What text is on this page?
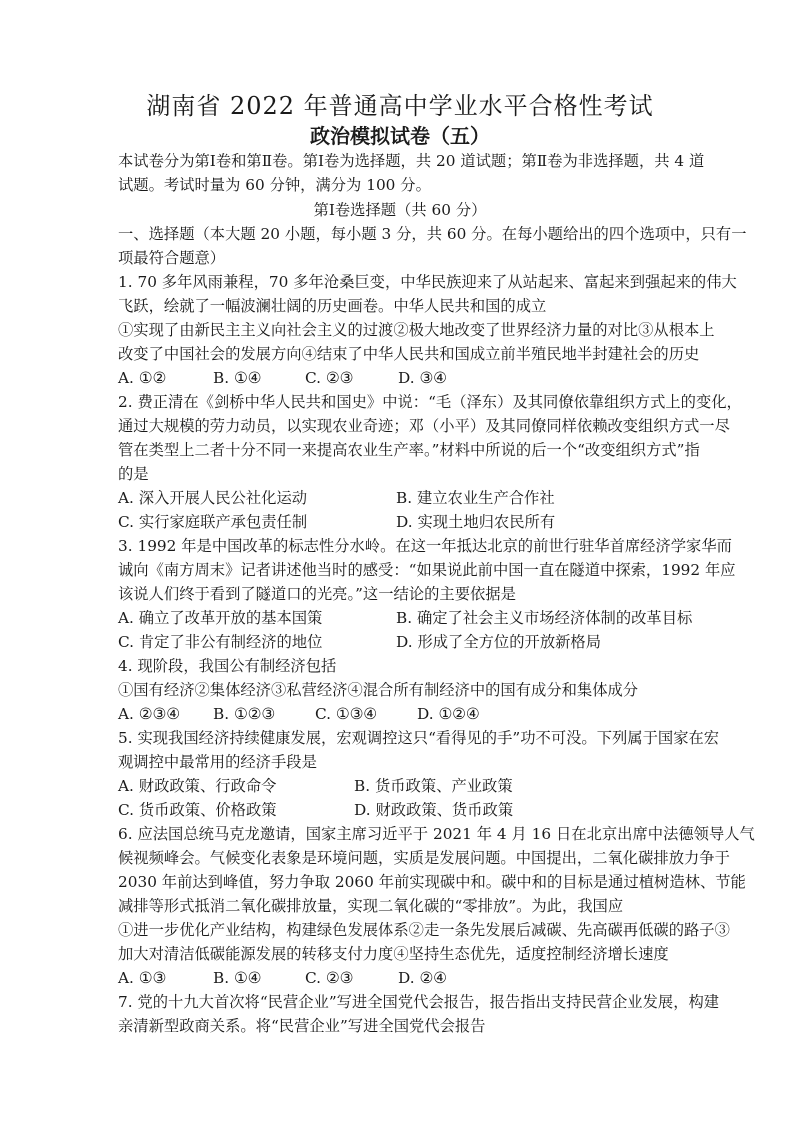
湖南省 2022 年普通高中学业水平合格性考试
政治模拟试卷（五）
本试卷分为第Ⅰ卷和第Ⅱ卷。第Ⅰ卷为选择题，共 20 道试题；第Ⅱ卷为非选择题，共 4 道
试题。考试时量为 60 分钟，满分为 100 分。
第Ⅰ卷选择题（共 60 分）
一、选择题（本大题 20 小题，每小题 3 分，共 60 分。在每小题给出的四个选项中，只有一
项最符合题意）
1. 70 多年风雨兼程，70 多年沧桑巨变，中华民族迎来了从站起来、富起来到强起来的伟大
飞跃，绘就了一幅波澜壮阔的历史画卷。中华人民共和国的成立
①实现了由新民主主义向社会主义的过渡②极大地改变了世界经济力量的对比③从根本上
改变了中国社会的发展方向④结束了中华人民共和国成立前半殖民地半封建社会的历史
A. ①②	B. ①④	C. ②③	D. ③④
2. 费正清在《剑桥中华人民共和国史》中说：“毛（泽东）及其同僚依靠组织方式上的变化，
通过大规模的劳力动员，以实现农业奇迹；邓（小平）及其同僚同样依赖改变组织方式一尽
管在类型上二者十分不同一来提高农业生产率。”材料中所说的后一个“改变组织方式”指
的是
A. 深入开展人民公社化运动	B. 建立农业生产合作社
C. 实行家庭联产承包责任制	D. 实现土地归农民所有
3. 1992 年是中国改革的标志性分水岭。在这一年抵达北京的前世行驻华首席经济学家华而
诚向《南方周末》记者讲述他当时的感受：“如果说此前中国一直在隧道中探索，1992 年应
该说人们终于看到了隧道口的光亮。”这一结论的主要依据是
A. 确立了改革开放的基本国策	B. 确定了社会主义市场经济体制的改革目标
C. 肯定了非公有制经济的地位	D. 形成了全方位的开放新格局
4. 现阶段，我国公有制经济包括
①国有经济②集体经济③私营经济④混合所有制经济中的国有成分和集体成分
A. ②③④ B. ①②③	C. ①③④	D. ①②④
5. 实现我国经济持续健康发展，宏观调控这只“看得见的手”功不可没。下列属于国家在宏
观调控中最常用的经济手段是
A. 财政政策、行政命令	B. 货币政策、产业政策
C. 货币政策、价格政策	D. 财政政策、货币政策
6. 应法国总统马克龙邀请，国家主席习近平于 2021 年 4 月 16 日在北京出席中法德领导人气
候视频峰会。气候变化表象是环境问题，实质是发展问题。中国提出，二氧化碳排放力争于
2030 年前达到峰值，努力争取 2060 年前实现碳中和。碳中和的目标是通过植树造林、节能
减排等形式抵消二氧化碳排放量，实现二氧化碳的“零排放”。为此，我国应
①进一步优化产业结构，构建绿色发展体系②走一条先发展后减碳、先高碳再低碳的路子③
加大对清洁低碳能源发展的转移支付力度④坚持生态优先，适度控制经济增长速度
A. ①③	B. ①④	C. ②③	D. ②④
7. 党的十九大首次将“民营企业”写进全国党代会报告，报告指出支持民营企业发展，构建
亲清新型政商关系。将“民营企业”写进全国党代会报告
